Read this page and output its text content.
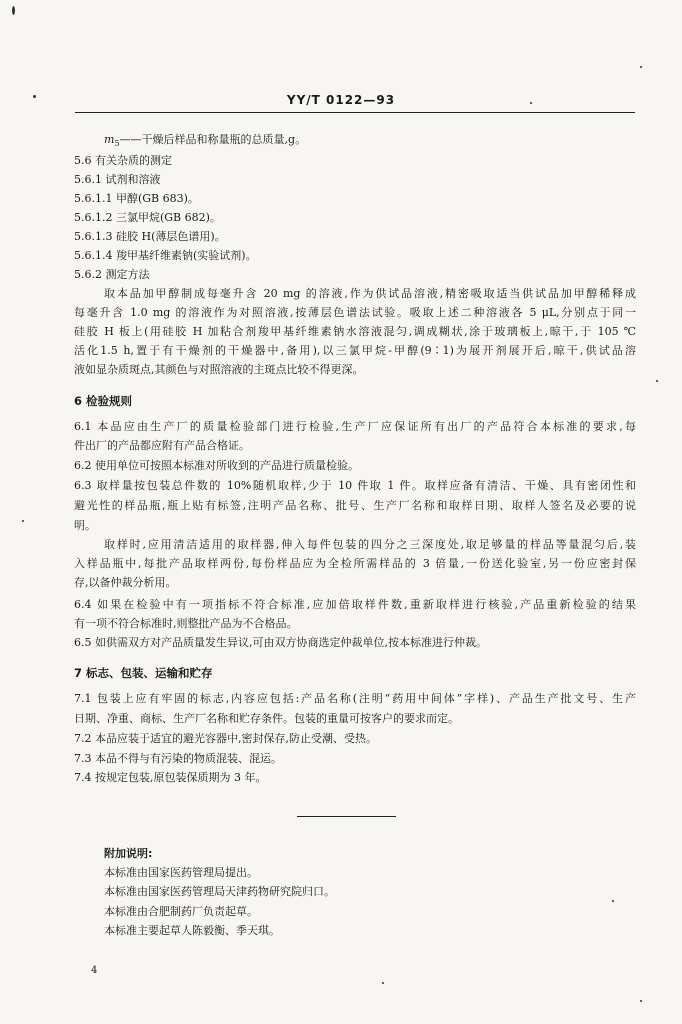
YY/T 0122—93
$m_5——$干燥后样品和称量瓶的总质量,g。
5.6 有关杂质的测定
5.6.1 试剂和溶液
5.6.1.1 甲醇(GB 683)。
5.6.1.2 三氯甲烷(GB 682)。
5.6.1.3 硅胶 H(薄层色谱用)。
5.6.1.4 羧甲基纤维素钠(实验试剂)。
5.6.2 测定方法
取本品加甲醇制成每毫升含 20 mg 的溶液,作为供试品溶液,精密吸取适当供试品加甲醇稀释成
每毫升含 1.0 mg 的溶液作为对照溶液,按薄层色谱法试验。吸取上述二种溶液各 5 μL,分别点于同一
硅胶 H 板上(用硅胶 H 加粘合剂羧甲基纤维素钠水溶液混匀,调成糊状,涂于玻璃板上,晾干,于 105 ℃
活化1.5 h,置于有干燥剂的干燥器中,备用),以三氯甲烷-甲醇(9∶1)为展开剂展开后,晾干,供试品溶
液如显杂质斑点,其颜色与对照溶液的主斑点比较不得更深。
6 检验规则
6.1 本品应由生产厂的质量检验部门进行检验,生产厂应保证所有出厂的产品符合本标准的要求,每
件出厂的产品都应附有产品合格证。
6.2 使用单位可按照本标准对所收到的产品进行质量检验。
6.3 取样量按包装总件数的 10%随机取样,少于 10 件取 1 件。取样应备有清洁、干燥、具有密闭性和
避光性的样品瓶,瓶上贴有标签,注明产品名称、批号、生产厂名称和取样日期、取样人签名及必要的说
明。
取样时,应用清洁适用的取样器,伸入每件包装的四分之三深度处,取足够量的样品等量混匀后,装
入样品瓶中,每批产品取样两份,每份样品应为全检所需样品的 3 倍量,一份送化验室,另一份应密封保
存,以备仲裁分析用。
6.4 如果在检验中有一项指标不符合标准,应加倍取样件数,重新取样进行核验,产品重新检验的结果
有一项不符合标准时,则整批产品为不合格品。
6.5 如供需双方对产品质量发生异议,可由双方协商选定仲裁单位,按本标准进行仲裁。
7 标志、包装、运输和贮存
7.1 包装上应有牢固的标志,内容应包括:产品名称(注明“药用中间体”字样)、产品生产批文号、生产
日期、净重、商标、生产厂名称和贮存条件。包装的重量可按客户的要求而定。
7.2 本品应装于适宜的避光容器中,密封保存,防止受潮、受热。
7.3 本品不得与有污染的物质混装、混运。
7.4 按规定包装,原包装保质期为 3 年。
附加说明:
本标准由国家医药管理局提出。
本标准由国家医药管理局天津药物研究院归口。
本标准由合肥制药厂负责起草。
本标准主要起草人陈毅衡、季天琪。
4
